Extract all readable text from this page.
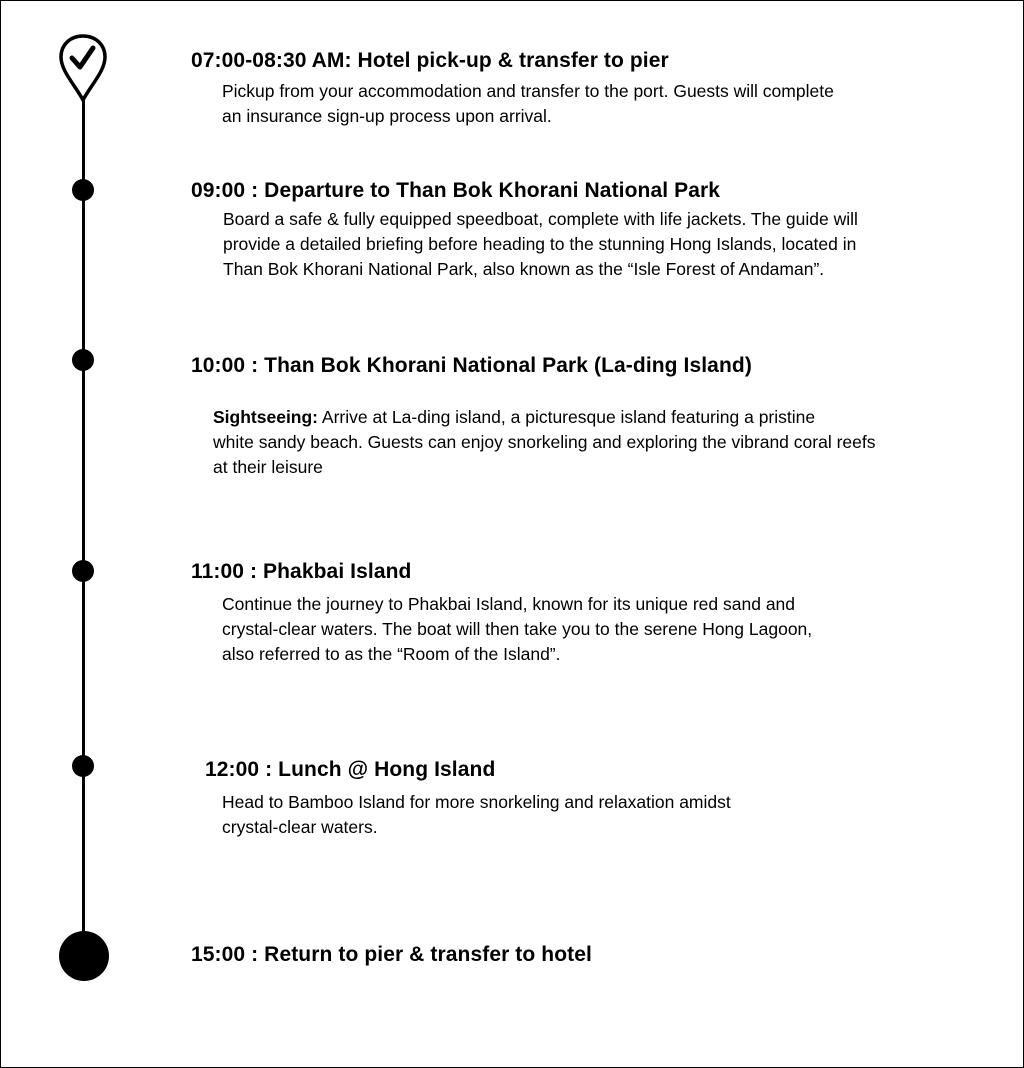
07:00-08:30 AM: Hotel pick-up & transfer to pier
Pickup from your accommodation and transfer to the port. Guests will complete
an insurance sign-up process upon arrival.
09:00 : Departure to Than Bok Khorani National Park
Board a safe & fully equipped speedboat, complete with life jackets. The guide will
provide a detailed briefing before heading to the stunning Hong Islands, located in
Than Bok Khorani National Park, also known as the “Isle Forest of Andaman”.
10:00 : Than Bok Khorani National Park (La-ding Island)
Sightseeing: Arrive at La-ding island, a picturesque island featuring a pristine
white sandy beach. Guests can enjoy snorkeling and exploring the vibrand coral reefs
at their leisure
11:00 : Phakbai Island
Continue the journey to Phakbai Island, known for its unique red sand and
crystal-clear waters. The boat will then take you to the serene Hong Lagoon,
also referred to as the “Room of the Island”.
12:00 : Lunch @ Hong Island
Head to Bamboo Island for more snorkeling and relaxation amidst
crystal-clear waters.
15:00 : Return to pier & transfer to hotel
